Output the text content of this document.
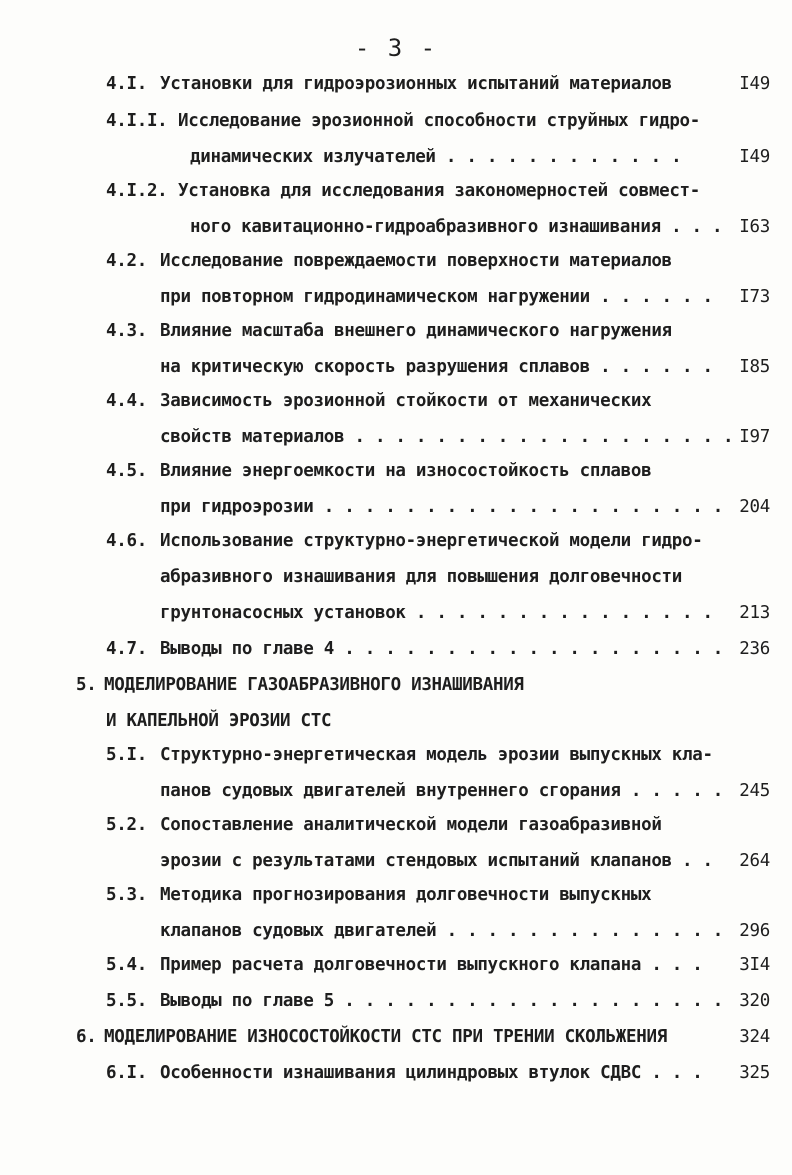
- 3 -
4.I. Установки для гидроэрозионных испытаний материалов	I49
4.I.I. Исследование эрозионной способности струйных гидро-
динамических излучателей . . . . . . . . . . . .	I49
4.I.2. Установка для исследования закономерностей совмест-
ного кавитационно-гидроабразивного изнашивания . . . I63
4.2. Исследование повреждаемости поверхности материалов
при повторном гидродинамическом нагружении . . . . . . I73
4.3. Влияние масштаба внешнего динамического нагружения
на критическую скорость разрушения сплавов . . . . . . I85
4.4. Зависимость эрозионной стойкости от механических
свойств материалов . . . . . . . . . . . . . . . . . . . I97
4.5. Влияние энергоемкости на износостойкость сплавов
при гидроэрозии . . . . . . . . . . . . . . . . . . . . 204
4.6. Использование структурно-энергетической модели гидро-
абразивного изнашивания для повышения долговечности
грунтонасосных установок . . . . . . . . . . . . . . . 213
4.7. Выводы по главе 4 . . . . . . . . . . . . . . . . . . . 236
5. МОДЕЛИРОВАНИЕ ГАЗОАБРАЗИВНОГО ИЗНАШИВАНИЯ
И КАПЕЛЬНОЙ ЭРОЗИИ СТС
5.I. Структурно-энергетическая модель эрозии выпускных кла-
панов судовых двигателей внутреннего сгорания . . . . . 245
5.2. Сопоставление аналитической модели газоабразивной
эрозии с результатами стендовых испытаний клапанов . . 264
5.3. Методика прогнозирования долговечности выпускных
клапанов судовых двигателей . . . . . . . . . . . . . . 296
5.4. Пример расчета долговечности выпускного клапана . . . 3I4
5.5. Выводы по главе 5 . . . . . . . . . . . . . . . . . . . 320
6. МОДЕЛИРОВАНИЕ ИЗНОСОСТОЙКОСТИ СТС ПРИ ТРЕНИИ СКОЛЬЖЕНИЯ	324
6.I. Особенности изнашивания цилиндровых втулок СДВС . . . 325
